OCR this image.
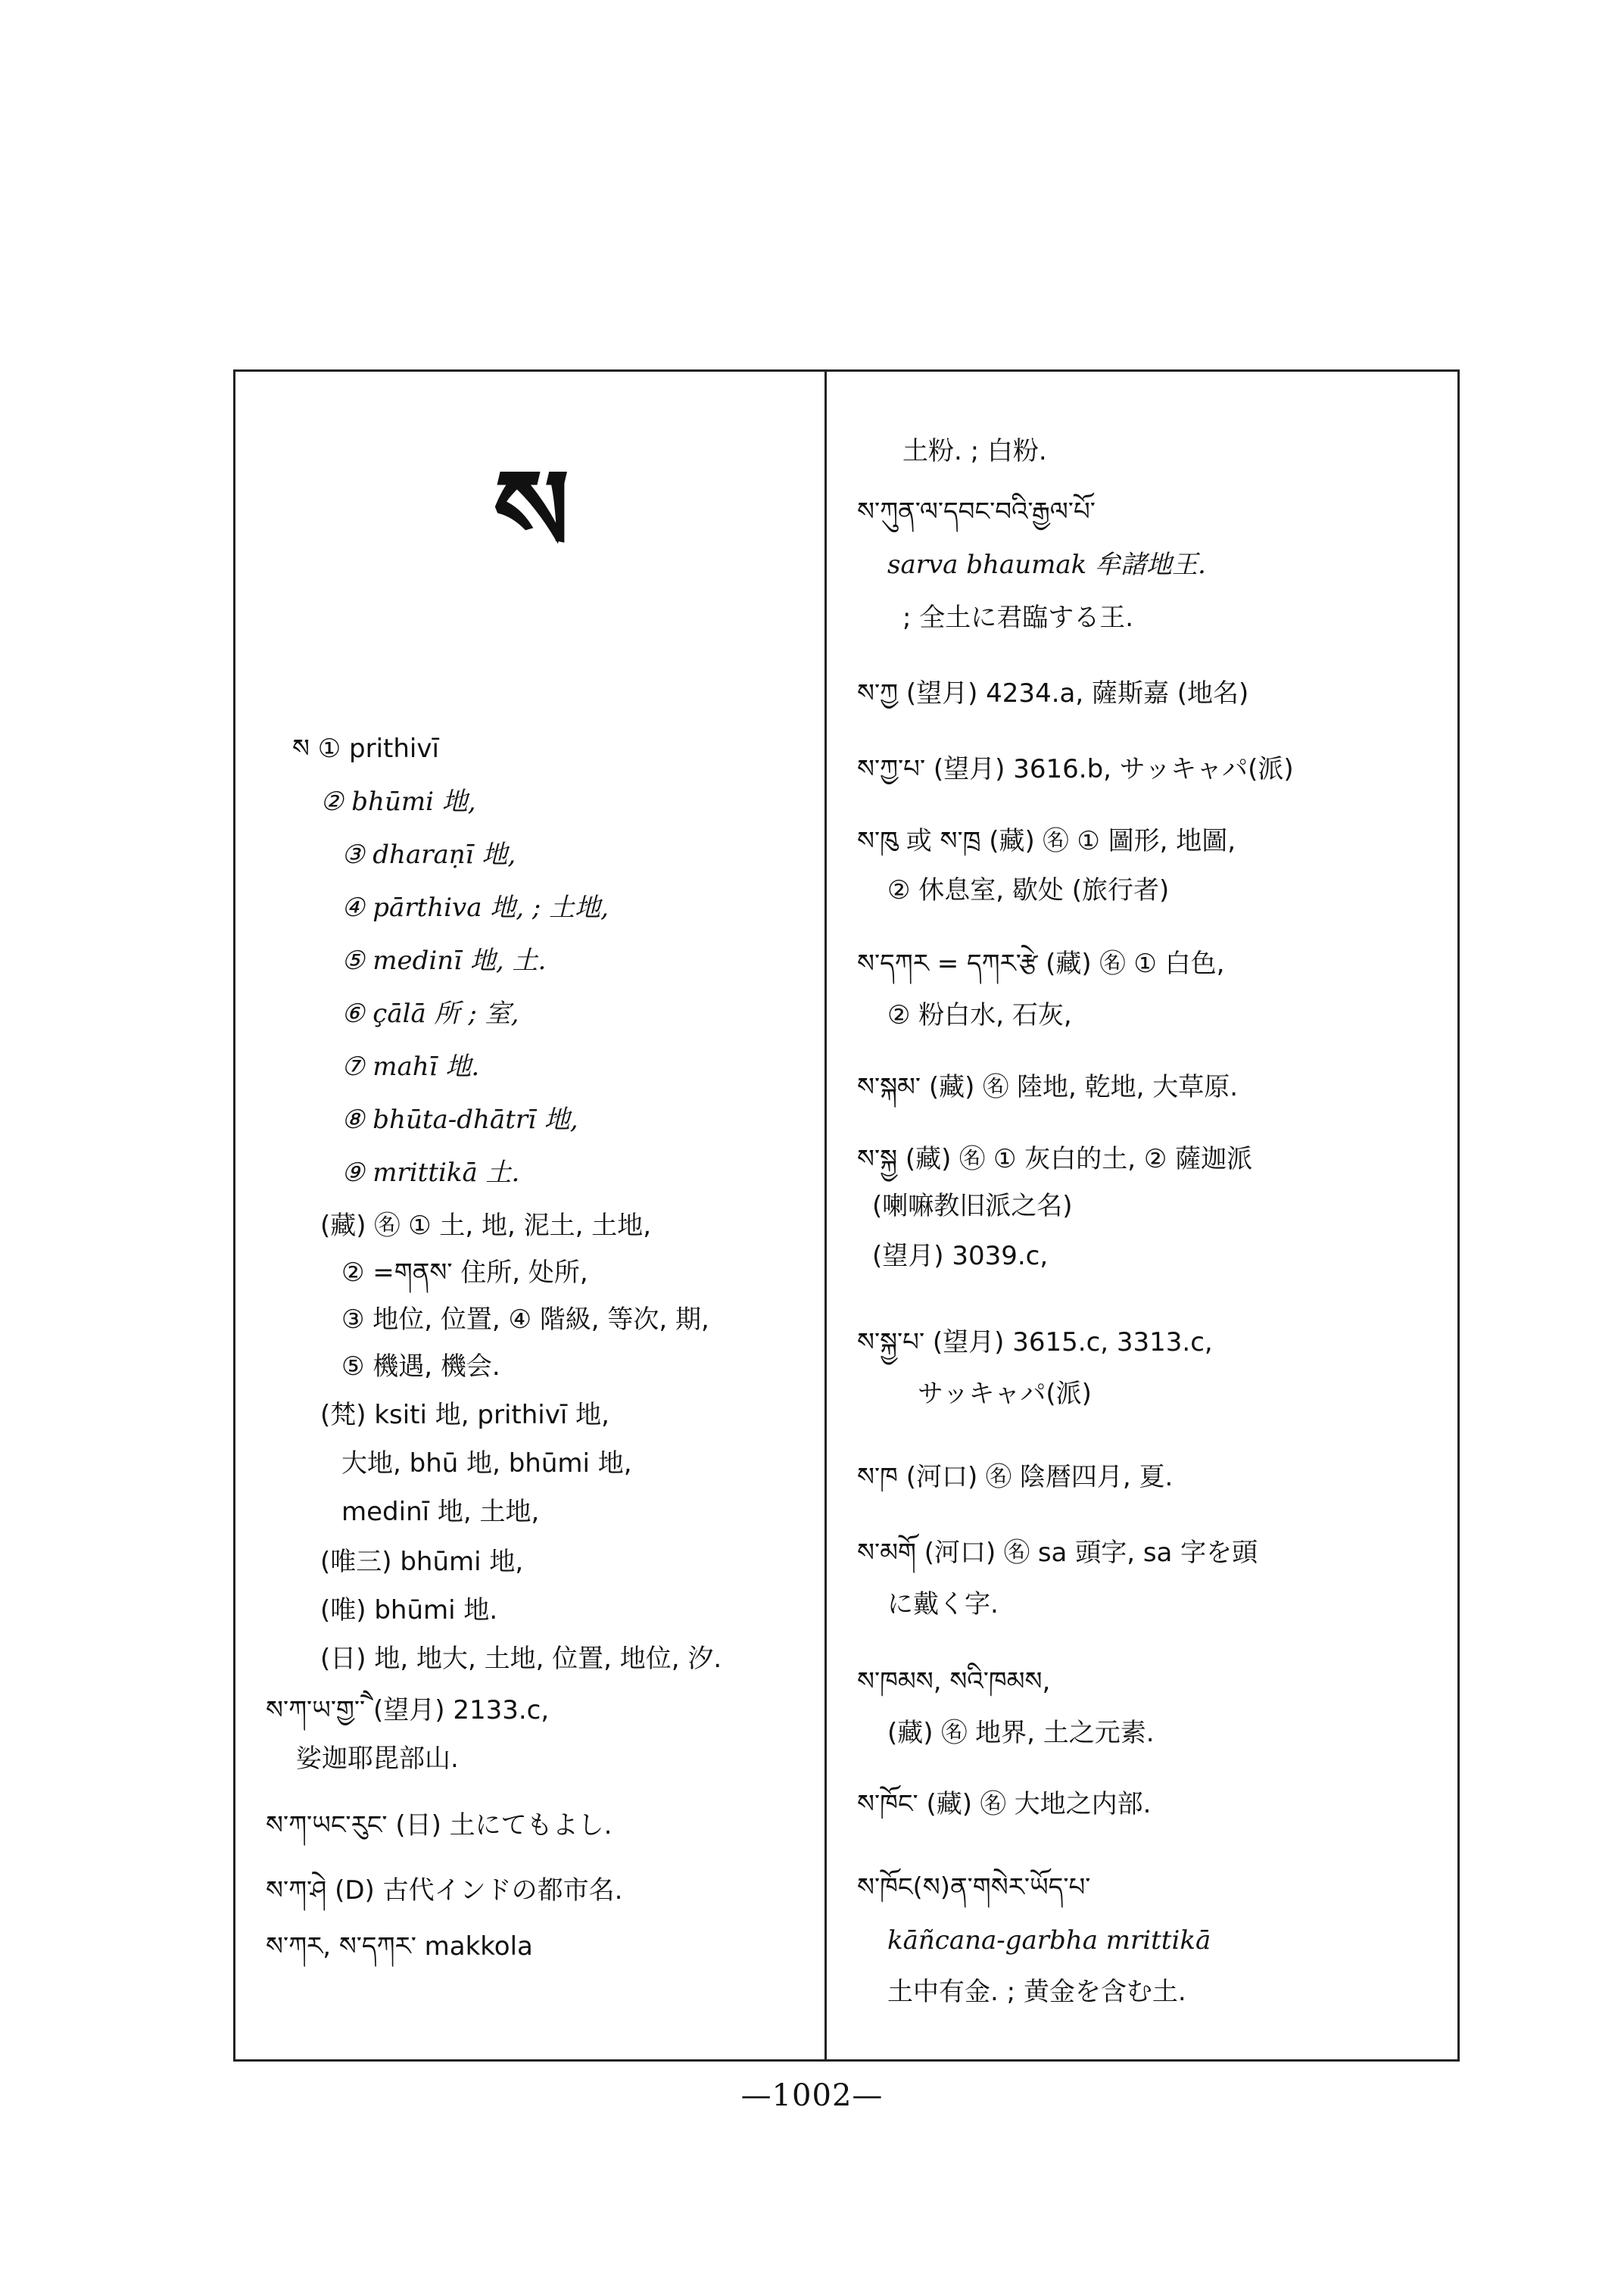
ས
ས ① prithivī
② bhūmi 地,
③ dharaṇī 地,
④ pārthiva 地, ; 土地,
⑤ medinī 地, 土.
⑥ çālā 所 ; 室,
⑦ mahī 地.
⑧ bhūta-dhātrī 地,
⑨ mrittikā 土.
(藏) ㊔ ① 土, 地, 泥土, 土地,
② =གནས་ 住所, 处所,
③ 地位, 位置, ④ 階級, 等次, 期,
⑤ 機遇, 機会.
(梵) ksiti 地, prithivī 地,
大地, bhū 地, bhūmi 地,
medinī 地, 土地,
(唯三) bhūmi 地,
(唯) bhūmi 地.
(日) 地, 地大, 土地, 位置, 地位, 汐.
ས་ཀ་ཡ་གྱ་ཻ་ (望月) 2133.c,
娑迦耶毘部山.
ས་ཀ་ཡང་རུང་ (日) 土にてもよし.
ས་ཀ་ཤེ (D) 古代インドの都市名.
ས་ཀར, ས་དཀར་ makkola
土粉. ; 白粉.
ས་ཀུན་ལ་དབང་བའི་རྒྱལ་པོ་
sarva bhaumak 牟諸地王.
; 全土に君臨する王.
ས་ཀྱ (望月) 4234.a, 薩斯嘉 (地名)
ས་ཀྱ་པ་ (望月) 3616.b, サッキャパ(派)
ས་ཁུ 或 ས་ཁྲ (藏) ㊔ ① 圖形, 地圖,
② 休息室, 歇处 (旅行者)
ས་དཀར = དཀར་རྩེ (藏) ㊔ ① 白色,
② 粉白水, 石灰,
ས་སྐམ་ (藏) ㊔ 陸地, 乾地, 大草原.
ས་སྐྱ (藏) ㊔ ① 灰白的土, ② 薩迦派
(喇嘛教旧派之名)
(望月) 3039.c,
ས་སྐྱ་པ་ (望月) 3615.c, 3313.c,
サッキャパ(派)
ས་ཁ (河口) ㊔ 陰暦四月, 夏.
ས་མགོ (河口) ㊔ sa 頭字, sa 字を頭
に戴く字.
ས་ཁམས, སའི་ཁམས,
(藏) ㊔ 地界, 土之元素.
ས་ཁོང་ (藏) ㊔ 大地之内部.
ས་ཁོང(ས)ན་གསེར་ཡོད་པ་
kāñcana-garbha mrittikā
土中有金. ; 黄金を含む土.
—1002—
